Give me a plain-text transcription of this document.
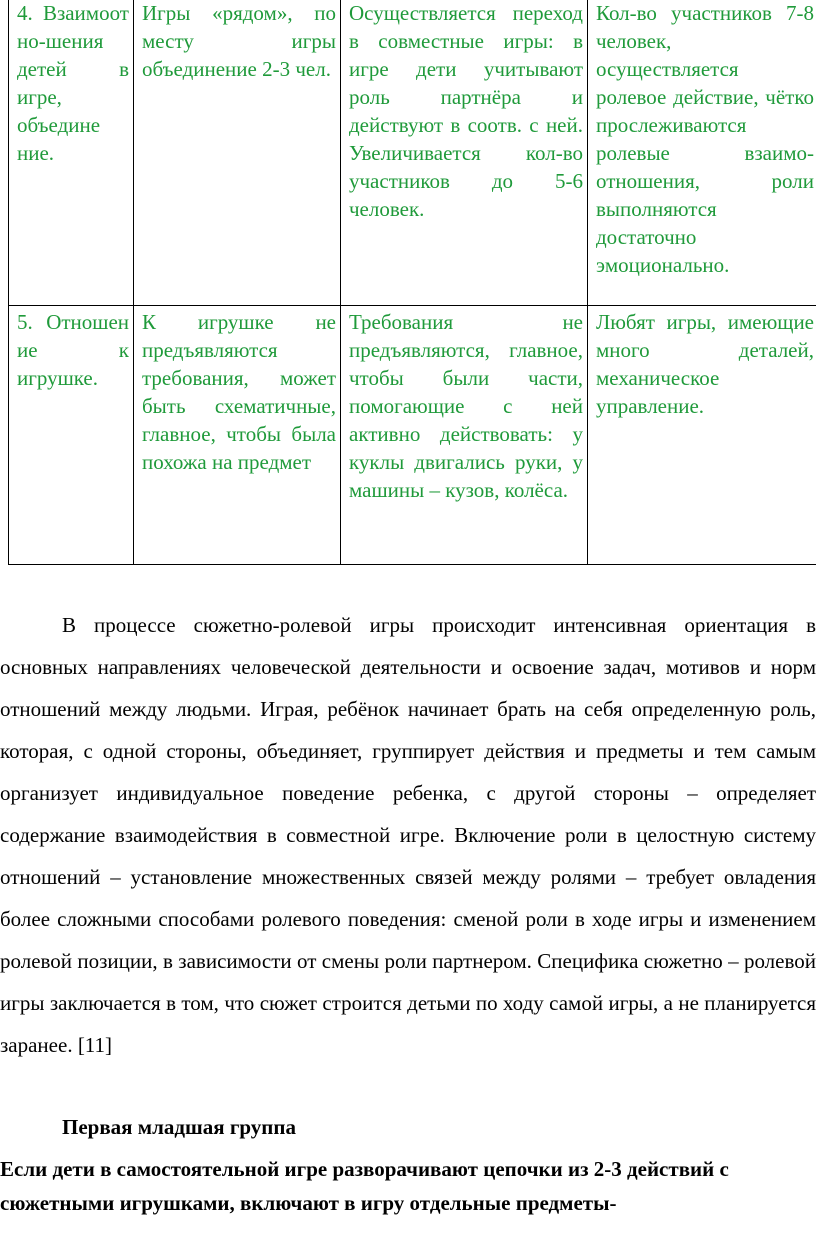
4. Взаимоот но-шения детей в игре, объедине ние.	Игры «рядом», по месту игры объединение 2-3 чел.	Осуществляется переход в совместные игры: в игре дети учитывают роль партнёра и действуют в соотв. с ней. Увеличивается кол-во участников до 5-6 человек.	Кол-во участников 7-8 человек, осуществляется ролевое действие, чётко прослеживаются ролевые взаимо-отношения, роли выполняются достаточно эмоционально.
5. Отношен ие к игрушке.	К игрушке не предъявляются требования, может быть схематичные, главное, чтобы была похожа на предмет	Требования не предъявляются, главное, чтобы были части, помогающие с ней активно действовать: у куклы двигались руки, у машины – кузов, колёса.	Любят игры, имеющие много деталей, механическое управление.

В процессе сюжетно-ролевой игры происходит интенсивная ориентация в основных направлениях человеческой деятельности и освоение задач, мотивов и норм отношений между людьми. Играя, ребёнок начинает брать на себя определенную роль, которая, с одной стороны, объединяет, группирует действия и предметы и тем самым организует индивидуальное поведение ребенка, с другой стороны – определяет содержание взаимодействия в совместной игре. Включение роли в целостную систему отношений – установление множественных связей между ролями – требует овладения более сложными способами ролевого поведения: сменой роли в ходе игры и изменением ролевой позиции, в зависимости от смены роли партнером. Специфика сюжетно – ролевой игры заключается в том, что сюжет строится детьми по ходу самой игры, а не планируется заранее. [11]

Первая младшая группа

Если дети в самостоятельной игре разворачивают цепочки из 2-3 действий с сюжетными игрушками, включают в игру отдельные предметы-
